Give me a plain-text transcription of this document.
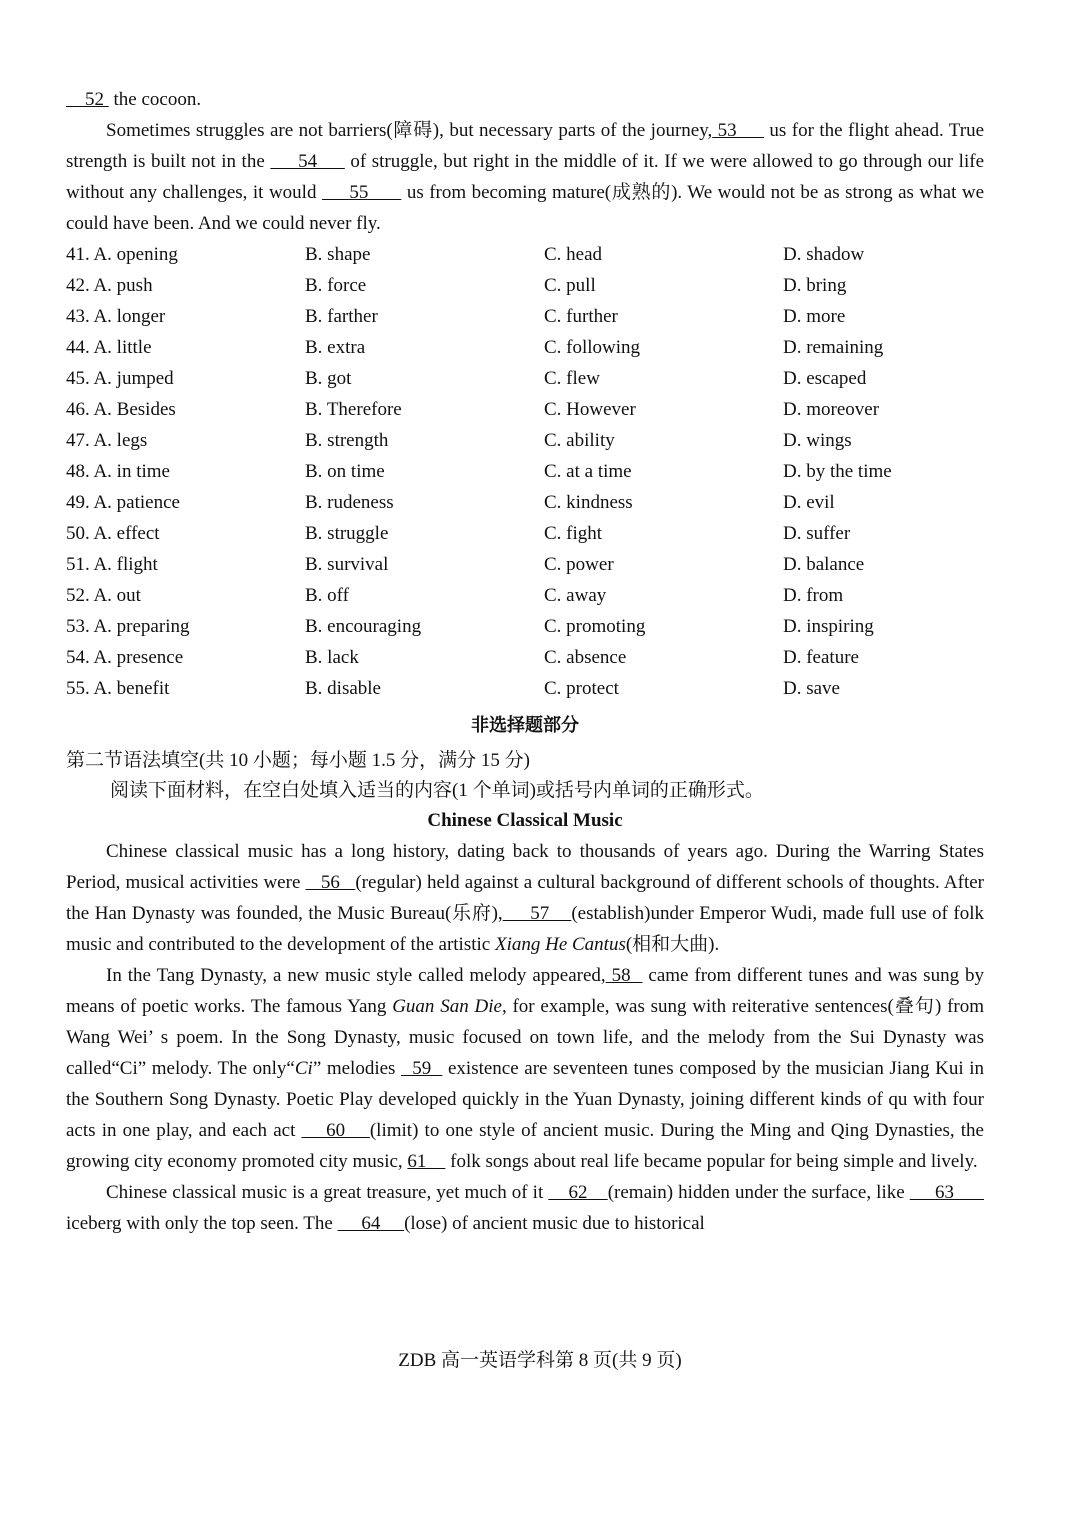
52  the cocoon.

Sometimes struggles are not barriers(障碍), but necessary parts of the journey, 53      us for the flight ahead. True strength is built not in the      54      of struggle, but right in the middle of it. If we were allowed to go through our life without any challenges, it would      55       us from becoming mature(成熟的). We would not be as strong as what we could have been. And we could never fly.

41. A. opening	B. shape	C. head	D. shadow
42. A. push	B. force	C. pull	D. bring
43. A. longer	B. farther	C. further	D. more
44. A. little	B. extra	C. following	D. remaining
45. A. jumped	B. got	C. flew	D. escaped
46. A. Besides	B. Therefore	C. However	D. moreover
47. A. legs	B. strength	C. ability	D. wings
48. A. in time	B. on time	C. at a time	D. by the time
49. A. patience	B. rudeness	C. kindness	D. evil
50. A. effect	B. struggle	C. fight	D. suffer
51. A. flight	B. survival	C. power	D. balance
52. A. out	B. off	C. away	D. from
53. A. preparing	B. encouraging	C. promoting	D. inspiring
54. A. presence	B. lack	C. absence	D. feature
55. A. benefit	B. disable	C. protect	D. save
非选择题部分

第二节语法填空(共 10 小题；每小题 1.5 分，满分 15 分)

阅读下面材料，在空白处填入适当的内容(1 个单词)或括号内单词的正确形式。

Chinese Classical Music

Chinese classical music has a long history, dating back to thousands of years ago. During the Warring States Period, musical activities were    56   (regular) held against a cultural background of different schools of thoughts. After the Han Dynasty was founded, the Music Bureau(乐府),     57    (establish)under Emperor Wudi, made full use of folk music and contributed to the development of the artistic Xiang He Cantus(相和大曲).

In the Tang Dynasty, a new music style called melody appeared, 58   came from different tunes and was sung by means of poetic works. The famous Yang Guan San Die, for example, was sung with reiterative sentences(叠句) from Wang Wei’ s poem. In the Song Dynasty, music focused on town life, and the melody from the Sui Dynasty was called“Ci” melody. The only“Ci” melodies   59   existence are seventeen tunes composed by the musician Jiang Kui in the Southern Song Dynasty. Poetic Play developed quickly in the Yuan Dynasty, joining different kinds of qu with four acts in one play, and each act     60    (limit) to one style of ancient music. During the Ming and Qing Dynasties, the growing city economy promoted city music, 61     folk songs about real life became popular for being simple and lively.

Chinese classical music is a great treasure, yet much of it     62    (remain) hidden under the surface, like      63       iceberg with only the top seen. The      64     (lose) of ancient music due to historical

ZDB 高一英语学科第 8 页(共 9 页)
